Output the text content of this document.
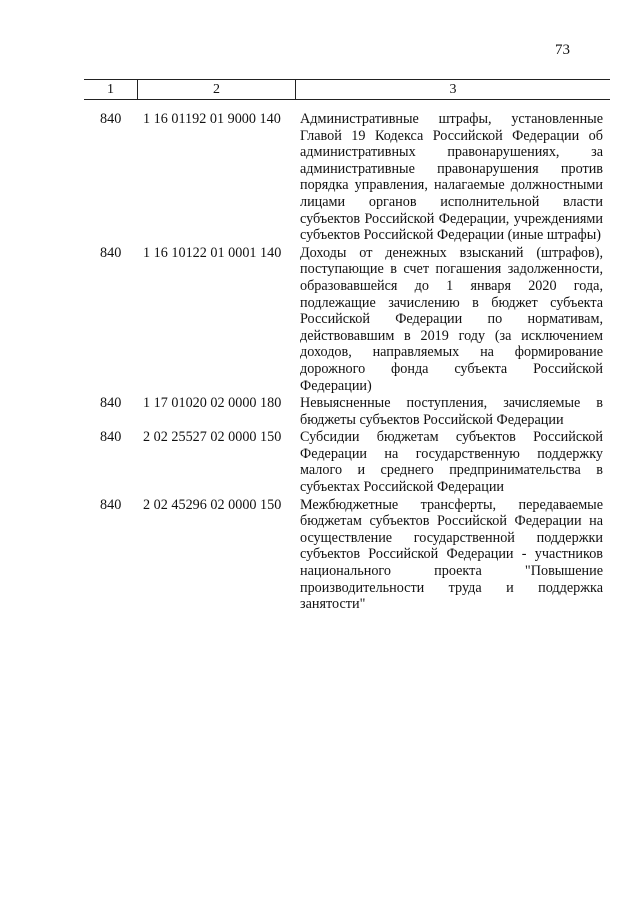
73
1	2	3
840	1 16 01192 01 9000 140	Административные штрафы, установленные Главой 19 Кодекса Российской Федерации об административных правонарушениях, за административные правонарушения против порядка управления, налагаемые должностными лицами органов исполнительной власти субъектов Российской Федерации, учреждениями субъектов Российской Федерации (иные штрафы)
840	1 16 10122 01 0001 140	Доходы от денежных взысканий (штрафов), поступающие в счет погашения задолженности, образовавшейся до 1 января 2020 года, подлежащие зачислению в бюджет субъекта Российской Федерации по нормативам, действовавшим в 2019 году (за исключением доходов, направляемых на формирование дорожного фонда субъекта Российской Федерации)
840	1 17 01020 02 0000 180	Невыясненные поступления, зачисляемые в бюджеты субъектов Российской Федерации
840	2 02 25527 02 0000 150	Субсидии бюджетам субъектов Российской Федерации на государственную поддержку малого и среднего предпринимательства в субъектах Российской Федерации
840	2 02 45296 02 0000 150	Межбюджетные трансферты, передаваемые бюджетам субъектов Российской Федерации на осуществление государственной поддержки субъектов Российской Федерации - участников национального проекта "Повышение производительности труда и поддержка занятости"
